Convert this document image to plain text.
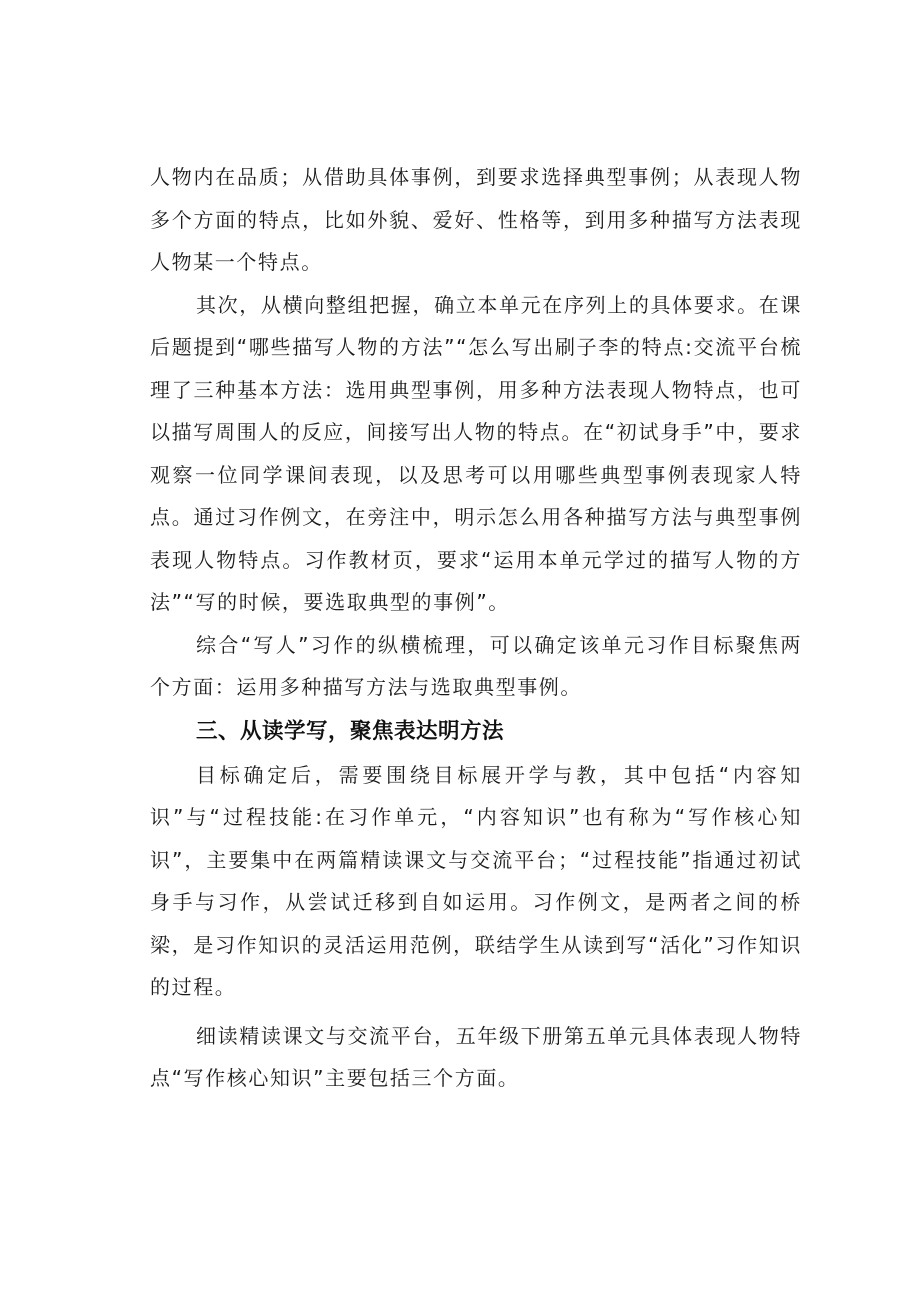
人物内在品质；从借助具体事例，到要求选择典型事例；从表现人物多个方面的特点，比如外貌、爱好、性格等，到用多种描写方法表现人物某一个特点。

其次，从横向整组把握，确立本单元在序列上的具体要求。在课后题提到“哪些描写人物的方法”“怎么写出刷子李的特点:交流平台梳理了三种基本方法：选用典型事例，用多种方法表现人物特点，也可以描写周围人的反应，间接写出人物的特点。在“初试身手”中，要求观察一位同学课间表现，以及思考可以用哪些典型事例表现家人特点。通过习作例文，在旁注中，明示怎么用各种描写方法与典型事例表现人物特点。习作教材页，要求“运用本单元学过的描写人物的方法”“写的时候，要选取典型的事例”。

综合“写人”习作的纵横梳理，可以确定该单元习作目标聚焦两个方面：运用多种描写方法与选取典型事例。

三、从读学写，聚焦表达明方法

目标确定后，需要围绕目标展开学与教，其中包括“内容知识”与“过程技能:在习作单元，“内容知识”也有称为“写作核心知识”，主要集中在两篇精读课文与交流平台；“过程技能”指通过初试身手与习作，从尝试迁移到自如运用。习作例文，是两者之间的桥梁，是习作知识的灵活运用范例，联结学生从读到写“活化”习作知识的过程。

细读精读课文与交流平台，五年级下册第五单元具体表现人物特点“写作核心知识”主要包括三个方面。
